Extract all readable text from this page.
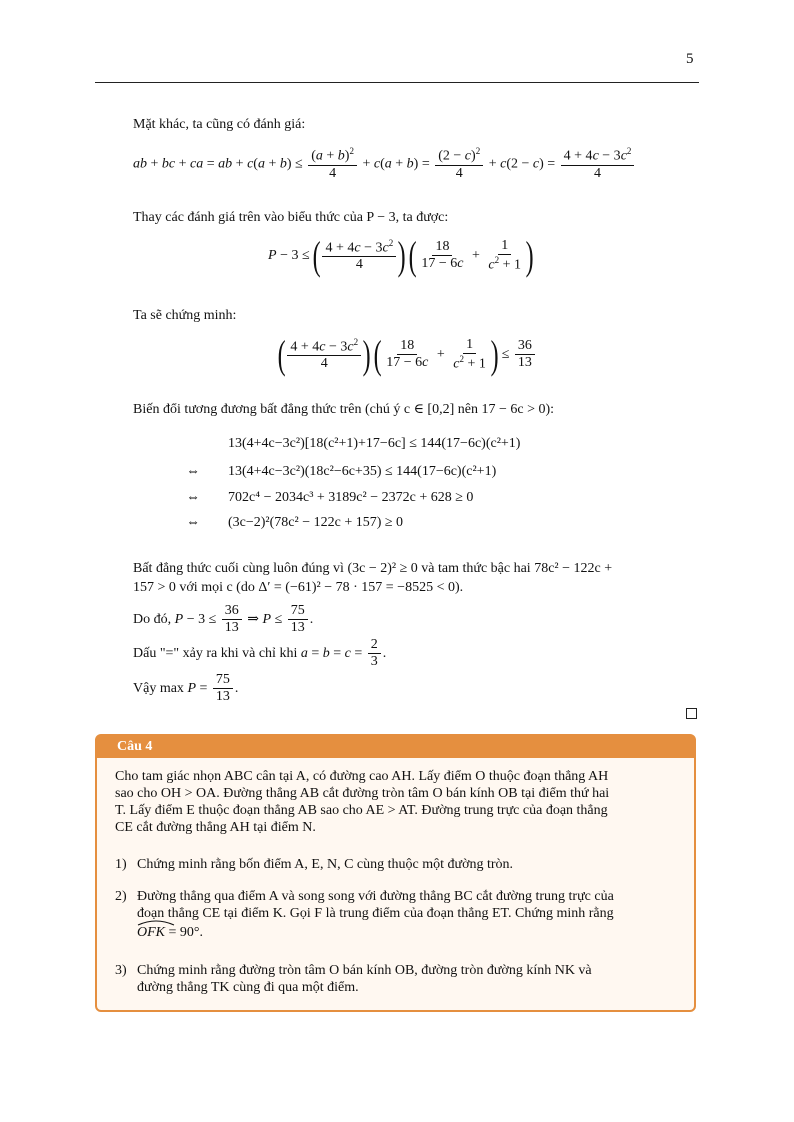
5
Mặt khác, ta cũng có đánh giá:
ab + bc + ca = ab + $c(a + b) \le \frac{(a + b)^2}{4} + c(a + b) = \frac{(2 - c)^2}{4} + c(2 - c) = \frac{4 + 4c - 3c^2}{4}$
Thay các đánh giá trên vào biểu thức của P − 3, ta được:
P − 3 ≤ ( $\frac{4 + 4c - 3c^2}{4}$ ) ( $\frac{18}{17 - 6c} + \frac{1}{c^2 + 1}$ )
Ta sẽ chứng minh:
( $\frac{4 + 4c - 3c^2}{4}$ ) ( $\frac{18}{17 - 6c} + \frac{1}{c^2 + 1}$ ) ≤ $\frac{36}{13}$
Biến đổi tương đương bất đẳng thức trên (chú ý c ∈ [0,2] nên 17 − 6c > 0):
13(4+4c−3c²)[18(c²+1)+17−6c] ≤ 144(17−6c)(c²+1)
⇔ 13(4+4c−3c²)(18c²−6c+35) ≤ 144(17−6c)(c²+1)
⇔ 702c⁴ − 2034c³ + 3189c² − 2372c + 628 ≥ 0
⇔ (3c−2)²(78c² − 122c + 157) ≥ 0
Bất đẳng thức cuối cùng luôn đúng vì (3c − 2)² ≥ 0 và tam thức bậc hai 78c² − 122c +
157 > 0 với mọi c (do Δ′ = (−61)² − 78 · 157 = −8525 < 0).
Do đó, $P - 3 \le \frac{36}{13}$ ⇒ $P \le \frac{75}{13}$ .
Dấu "=" xảy ra khi và chỉ khi $a = b = c = \frac{2}{3}$ .
Vậy $\max P = \frac{75}{13}$ .
Câu 4
Cho tam giác nhọn ABC cân tại A, có đường cao AH. Lấy điểm O thuộc đoạn thẳng AH
sao cho OH > OA. Đường thẳng AB cắt đường tròn tâm O bán kính OB tại điểm thứ hai
T. Lấy điểm E thuộc đoạn thẳng AB sao cho AE > AT. Đường trung trực của đoạn thẳng
CE cắt đường thẳng AH tại điểm N.
1) Chứng minh rằng bốn điểm A, E, N, C cùng thuộc một đường tròn.
2) Đường thẳng qua điểm A và song song với đường thẳng BC cắt đường trung trực của
đoạn thẳng CE tại điểm K. Gọi F là trung điểm của đoạn thẳng ET. Chứng minh rằng
OFK = 90°.
3) Chứng minh rằng đường tròn tâm O bán kính OB, đường tròn đường kính NK và
đường thẳng TK cùng đi qua một điểm.
